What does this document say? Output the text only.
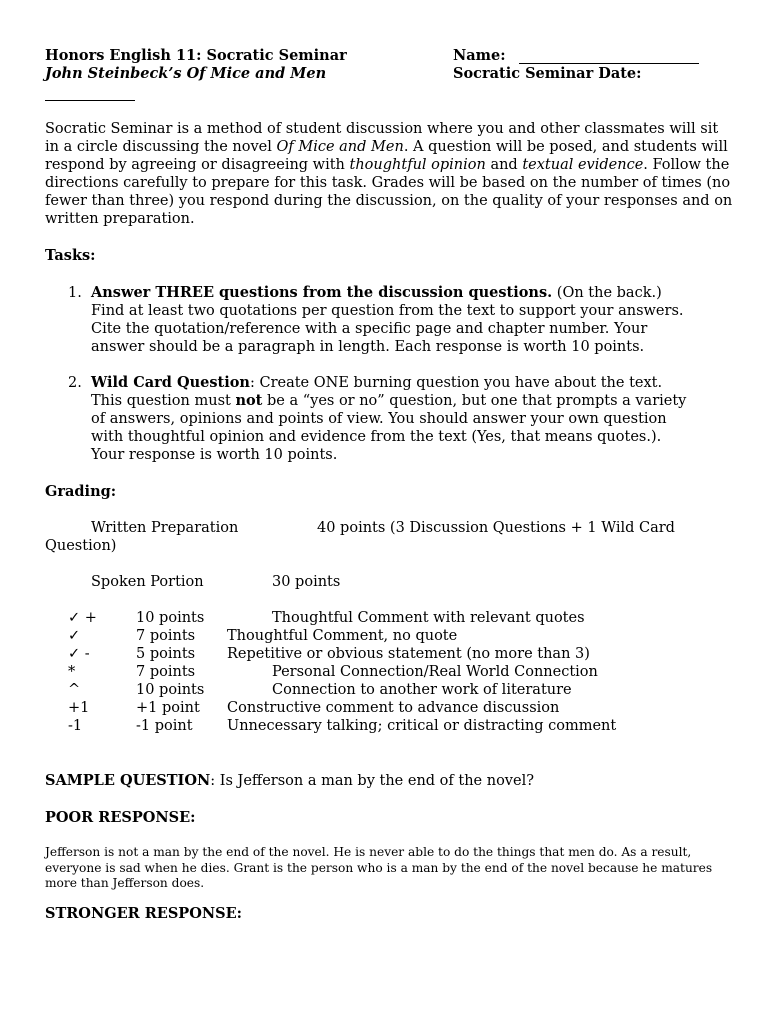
Honors English 11: Socratic Seminar
John Steinbeck’s Of Mice and Men
Name:
Socratic Seminar Date:

Socratic Seminar is a method of student discussion where you and other classmates will sit in a circle discussing the novel Of Mice and Men. A question will be posed, and students will respond by agreeing or disagreeing with thoughtful opinion and textual evidence. Follow the directions carefully to prepare for this task. Grades will be based on the number of times (no fewer than three) you respond during the discussion, on the quality of your responses and on written preparation.

Tasks:
1. Answer THREE questions from the discussion questions. (On the back.)
Find at least two quotations per question from the text to support your answers.
Cite the quotation/reference with a specific page and chapter number. Your
answer should be a paragraph in length. Each response is worth 10 points.
2. Wild Card Question: Create ONE burning question you have about the text.
This question must not be a “yes or no” question, but one that prompts a variety
of answers, opinions and points of view. You should answer your own question
with thoughtful opinion and evidence from the text (Yes, that means quotes.).
Your response is worth 10 points.
Grading:
Written Preparation	40 points (3 Discussion Questions + 1 Wild Card
Question)
Spoken Portion	30 points
✓ +	10 points	Thoughtful Comment with relevant quotes
✓	7 points Thoughtful Comment, no quote
✓ -	5 points Repetitive or obvious statement (no more than 3)
*	7 points	Personal Connection/Real World Connection
^	10 points	Connection to another work of literature
+1	+1 point Constructive comment to advance discussion
-1	-1 point Unnecessary talking; critical or distracting comment
SAMPLE QUESTION: Is Jefferson a man by the end of the novel?
POOR RESPONSE:
Jefferson is not a man by the end of the novel. He is never able to do the things that men do. As a result, everyone is sad when he dies. Grant is the person who is a man by the end of the novel because he matures more than Jefferson does.
STRONGER RESPONSE:
